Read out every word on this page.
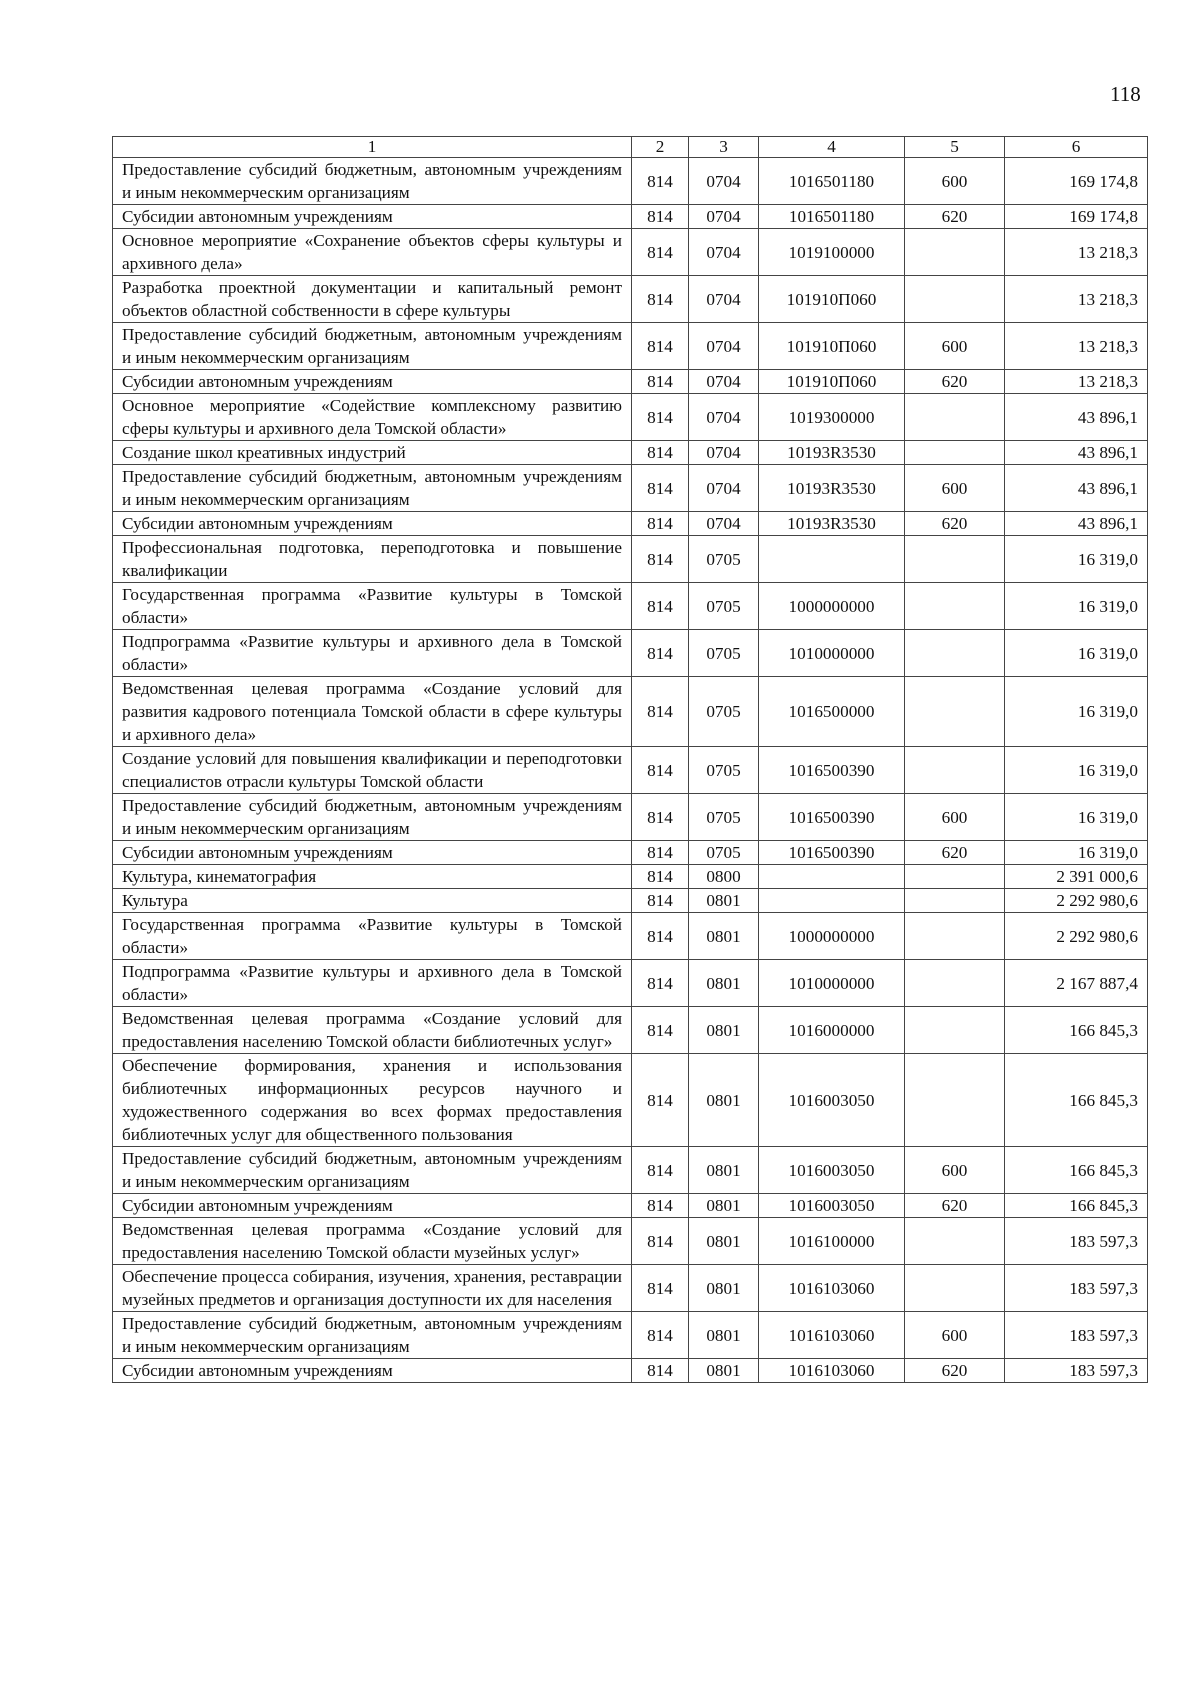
118
1	2	3	4	5	6
Предоставление субсидий бюджетным, автономным учреждениям и иным некоммерческим организациям	814	0704	1016501180	600	169 174,8
Субсидии автономным учреждениям	814	0704	1016501180	620	169 174,8
Основное мероприятие «Сохранение объектов сферы культуры и архивного дела»	814	0704	1019100000		13 218,3
Разработка проектной документации и капитальный ремонт объектов областной собственности в сфере культуры	814	0704	101910П060		13 218,3
Предоставление субсидий бюджетным, автономным учреждениям и иным некоммерческим организациям	814	0704	101910П060	600	13 218,3
Субсидии автономным учреждениям	814	0704	101910П060	620	13 218,3
Основное мероприятие «Содействие комплексному развитию сферы культуры и архивного дела Томской области»	814	0704	1019300000		43 896,1
Создание школ креативных индустрий	814	0704	10193R3530		43 896,1
Предоставление субсидий бюджетным, автономным учреждениям и иным некоммерческим организациям	814	0704	10193R3530	600	43 896,1
Субсидии автономным учреждениям	814	0704	10193R3530	620	43 896,1
Профессиональная подготовка, переподготовка и повышение квалификации	814	0705			16 319,0
Государственная программа «Развитие культуры в Томской области»	814	0705	1000000000		16 319,0
Подпрограмма «Развитие культуры и архивного дела в Томской области»	814	0705	1010000000		16 319,0
Ведомственная целевая программа «Создание условий для развития кадрового потенциала Томской области в сфере культуры и архивного дела»	814	0705	1016500000		16 319,0
Создание условий для повышения квалификации и переподготовки специалистов отрасли культуры Томской области	814	0705	1016500390		16 319,0
Предоставление субсидий бюджетным, автономным учреждениям и иным некоммерческим организациям	814	0705	1016500390	600	16 319,0
Субсидии автономным учреждениям	814	0705	1016500390	620	16 319,0
Культура, кинематография	814	0800			2 391 000,6
Культура	814	0801			2 292 980,6
Государственная программа «Развитие культуры в Томской области»	814	0801	1000000000		2 292 980,6
Подпрограмма «Развитие культуры и архивного дела в Томской области»	814	0801	1010000000		2 167 887,4
Ведомственная целевая программа «Создание условий для предоставления населению Томской области библиотечных услуг»	814	0801	1016000000		166 845,3
Обеспечение формирования, хранения и использования библиотечных информационных ресурсов научного и художественного содержания во всех формах предоставления библиотечных услуг для общественного пользования	814	0801	1016003050		166 845,3
Предоставление субсидий бюджетным, автономным учреждениям и иным некоммерческим организациям	814	0801	1016003050	600	166 845,3
Субсидии автономным учреждениям	814	0801	1016003050	620	166 845,3
Ведомственная целевая программа «Создание условий для предоставления населению Томской области музейных услуг»	814	0801	1016100000		183 597,3
Обеспечение процесса собирания, изучения, хранения, реставрации музейных предметов и организация доступности их для населения	814	0801	1016103060		183 597,3
Предоставление субсидий бюджетным, автономным учреждениям и иным некоммерческим организациям	814	0801	1016103060	600	183 597,3
Субсидии автономным учреждениям	814	0801	1016103060	620	183 597,3
